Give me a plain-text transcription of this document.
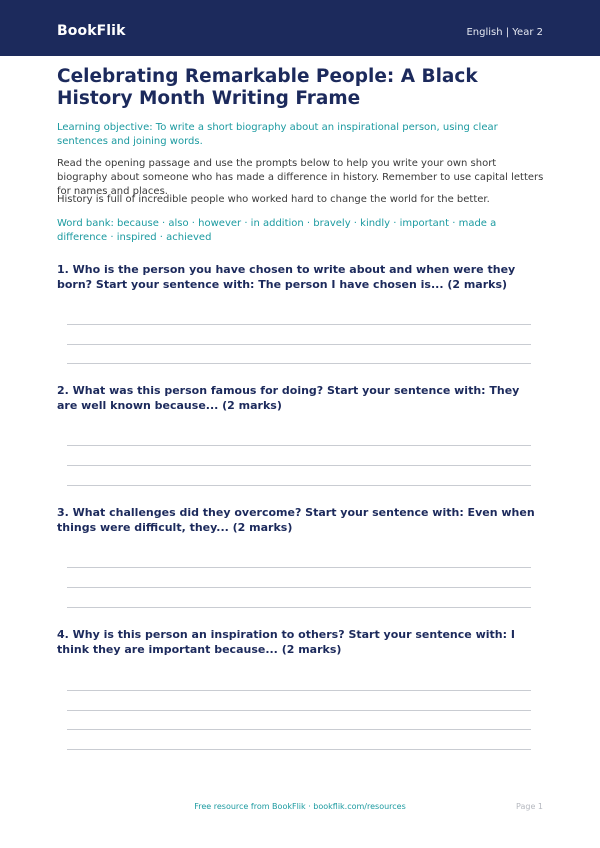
BookFlik	English | Year 2
Celebrating Remarkable People: A Black History Month Writing Frame

Learning objective: To write a short biography about an inspirational person, using clear sentences and joining words.

Read the opening passage and use the prompts below to help you write your own short biography about someone who has made a difference in history. Remember to use capital letters for names and places.

History is full of incredible people who worked hard to change the world for the better.

Word bank: because · also · however · in addition · bravely · kindly · important · made a difference · inspired · achieved

1. Who is the person you have chosen to write about and when were they born? Start your sentence with: The person I have chosen is... (2 marks)

2. What was this person famous for doing? Start your sentence with: They are well known because... (2 marks)

3. What challenges did they overcome? Start your sentence with: Even when things were difficult, they... (2 marks)

4. Why is this person an inspiration to others? Start your sentence with: I think they are important because... (2 marks)

Free resource from BookFlik · bookflik.com/resources	Page 1
